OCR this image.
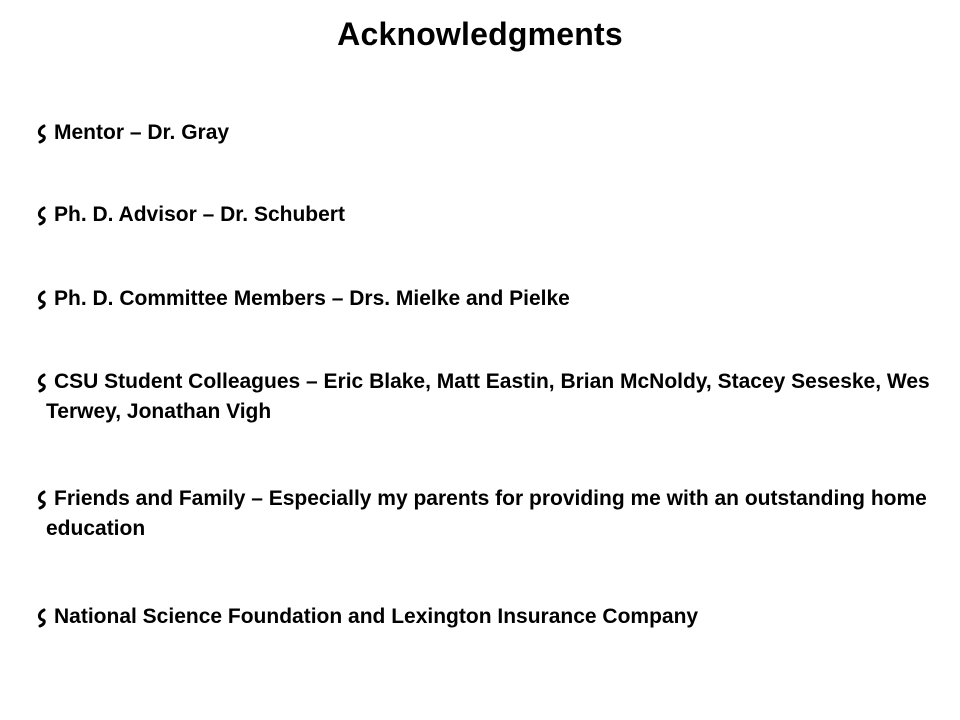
Acknowledgments
Mentor – Dr. Gray
Ph. D. Advisor – Dr. Schubert
Ph. D. Committee Members – Drs. Mielke and Pielke
CSU Student Colleagues – Eric Blake, Matt Eastin, Brian McNoldy, Stacey Seseske, Wes Terwey, Jonathan Vigh
Friends and Family – Especially my parents for providing me with an outstanding home education
National Science Foundation and Lexington Insurance Company
